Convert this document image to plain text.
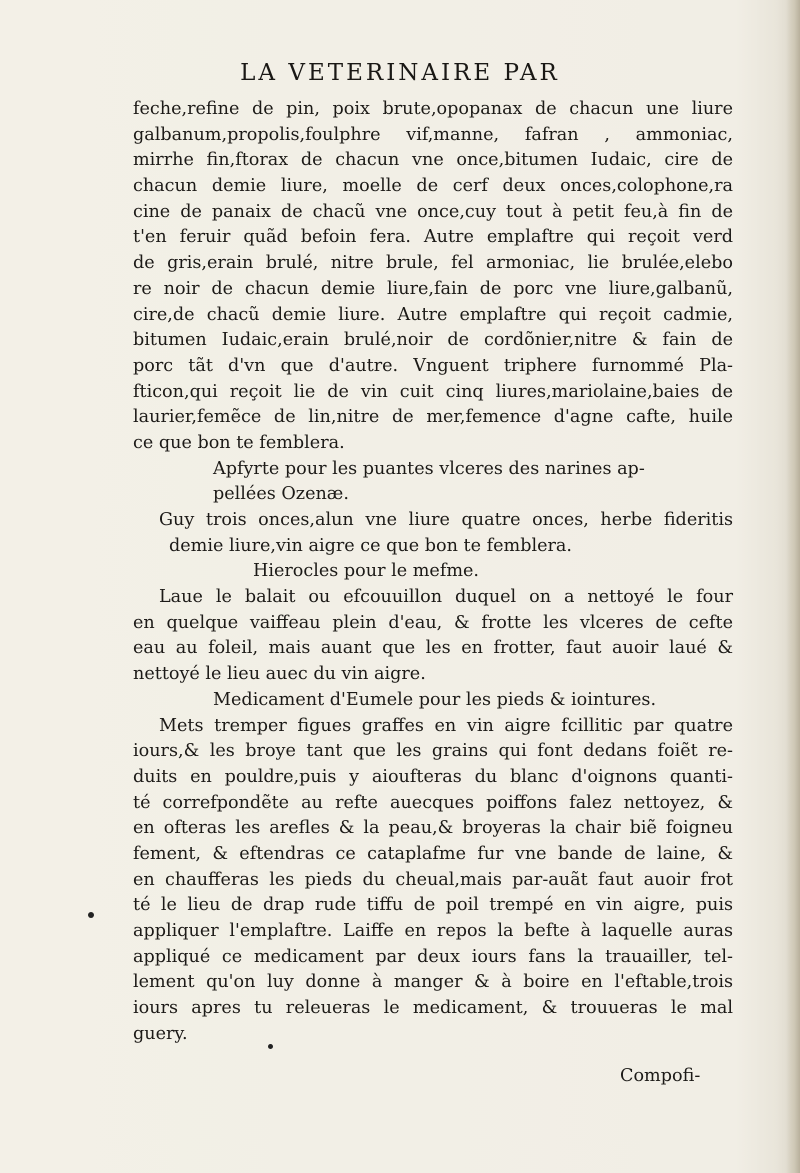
LA VETERINAIRE PAR
feche,refine de pin, poix brute,opopanax de chacun une liure
galbanum,propolis,foulphre vif,manne, fafran , ammoniac,
mirrhe fin,ftorax de chacun vne once,bitumen Iudaic, cire de
chacun demie liure, moelle de cerf deux onces,colophone,ra
cine de panaix de chacũ vne once,cuy tout à petit feu,à fin de
t'en feruir quãd befoin fera. Autre emplaftre qui reçoit verd
de gris,erain brulé, nitre brule, fel armoniac, lie brulée,elebo
re noir de chacun demie liure,fain de porc vne liure,galbanũ,
cire,de chacũ demie liure. Autre emplaftre qui reçoit cadmie,
bitumen Iudaic,erain brulé,noir de cordõnier,nitre & fain de
porc tãt d'vn que d'autre. Vnguent triphere furnommé Pla-
fticon,qui reçoit lie de vin cuit cinq liures,mariolaine,baies de
laurier,femẽce de lin,nitre de mer,femence d'agne cafte, huile
ce que bon te femblera.
Apfyrte pour les puantes vlceres des narines ap-
pellées Ozenæ.
Guy trois onces,alun vne liure quatre onces, herbe fideritis
demie liure,vin aigre ce que bon te femblera.
Hierocles pour le mefme.
Laue le balait ou efcouuillon duquel on a nettoyé le four
en quelque vaiffeau plein d'eau, & frotte les vlceres de cefte
eau au foleil, mais auant que les en frotter, faut auoir laué &
nettoyé le lieu auec du vin aigre.
Medicament d'Eumele pour les pieds & iointures.
Mets tremper figues graffes en vin aigre fcillitic par quatre
iours,& les broye tant que les grains qui font dedans foiẽt re-
duits en pouldre,puis y aioufteras du blanc d'oignons quanti-
té correfpondẽte au refte auecques poiffons falez nettoyez, &
en ofteras les arefles & la peau,& broyeras la chair biẽ foigneu
fement, & eftendras ce cataplafme fur vne bande de laine, &
en chaufferas les pieds du cheual,mais par-auãt faut auoir frot
té le lieu de drap rude tiffu de poil trempé en vin aigre, puis
appliquer l'emplaftre. Laiffe en repos la befte à laquelle auras
appliqué ce medicament par deux iours fans la trauailler, tel-
lement qu'on luy donne à manger & à boire en l'eftable,trois
iours apres tu releueras le medicament, & trouueras le mal
guery.
Compofi-
